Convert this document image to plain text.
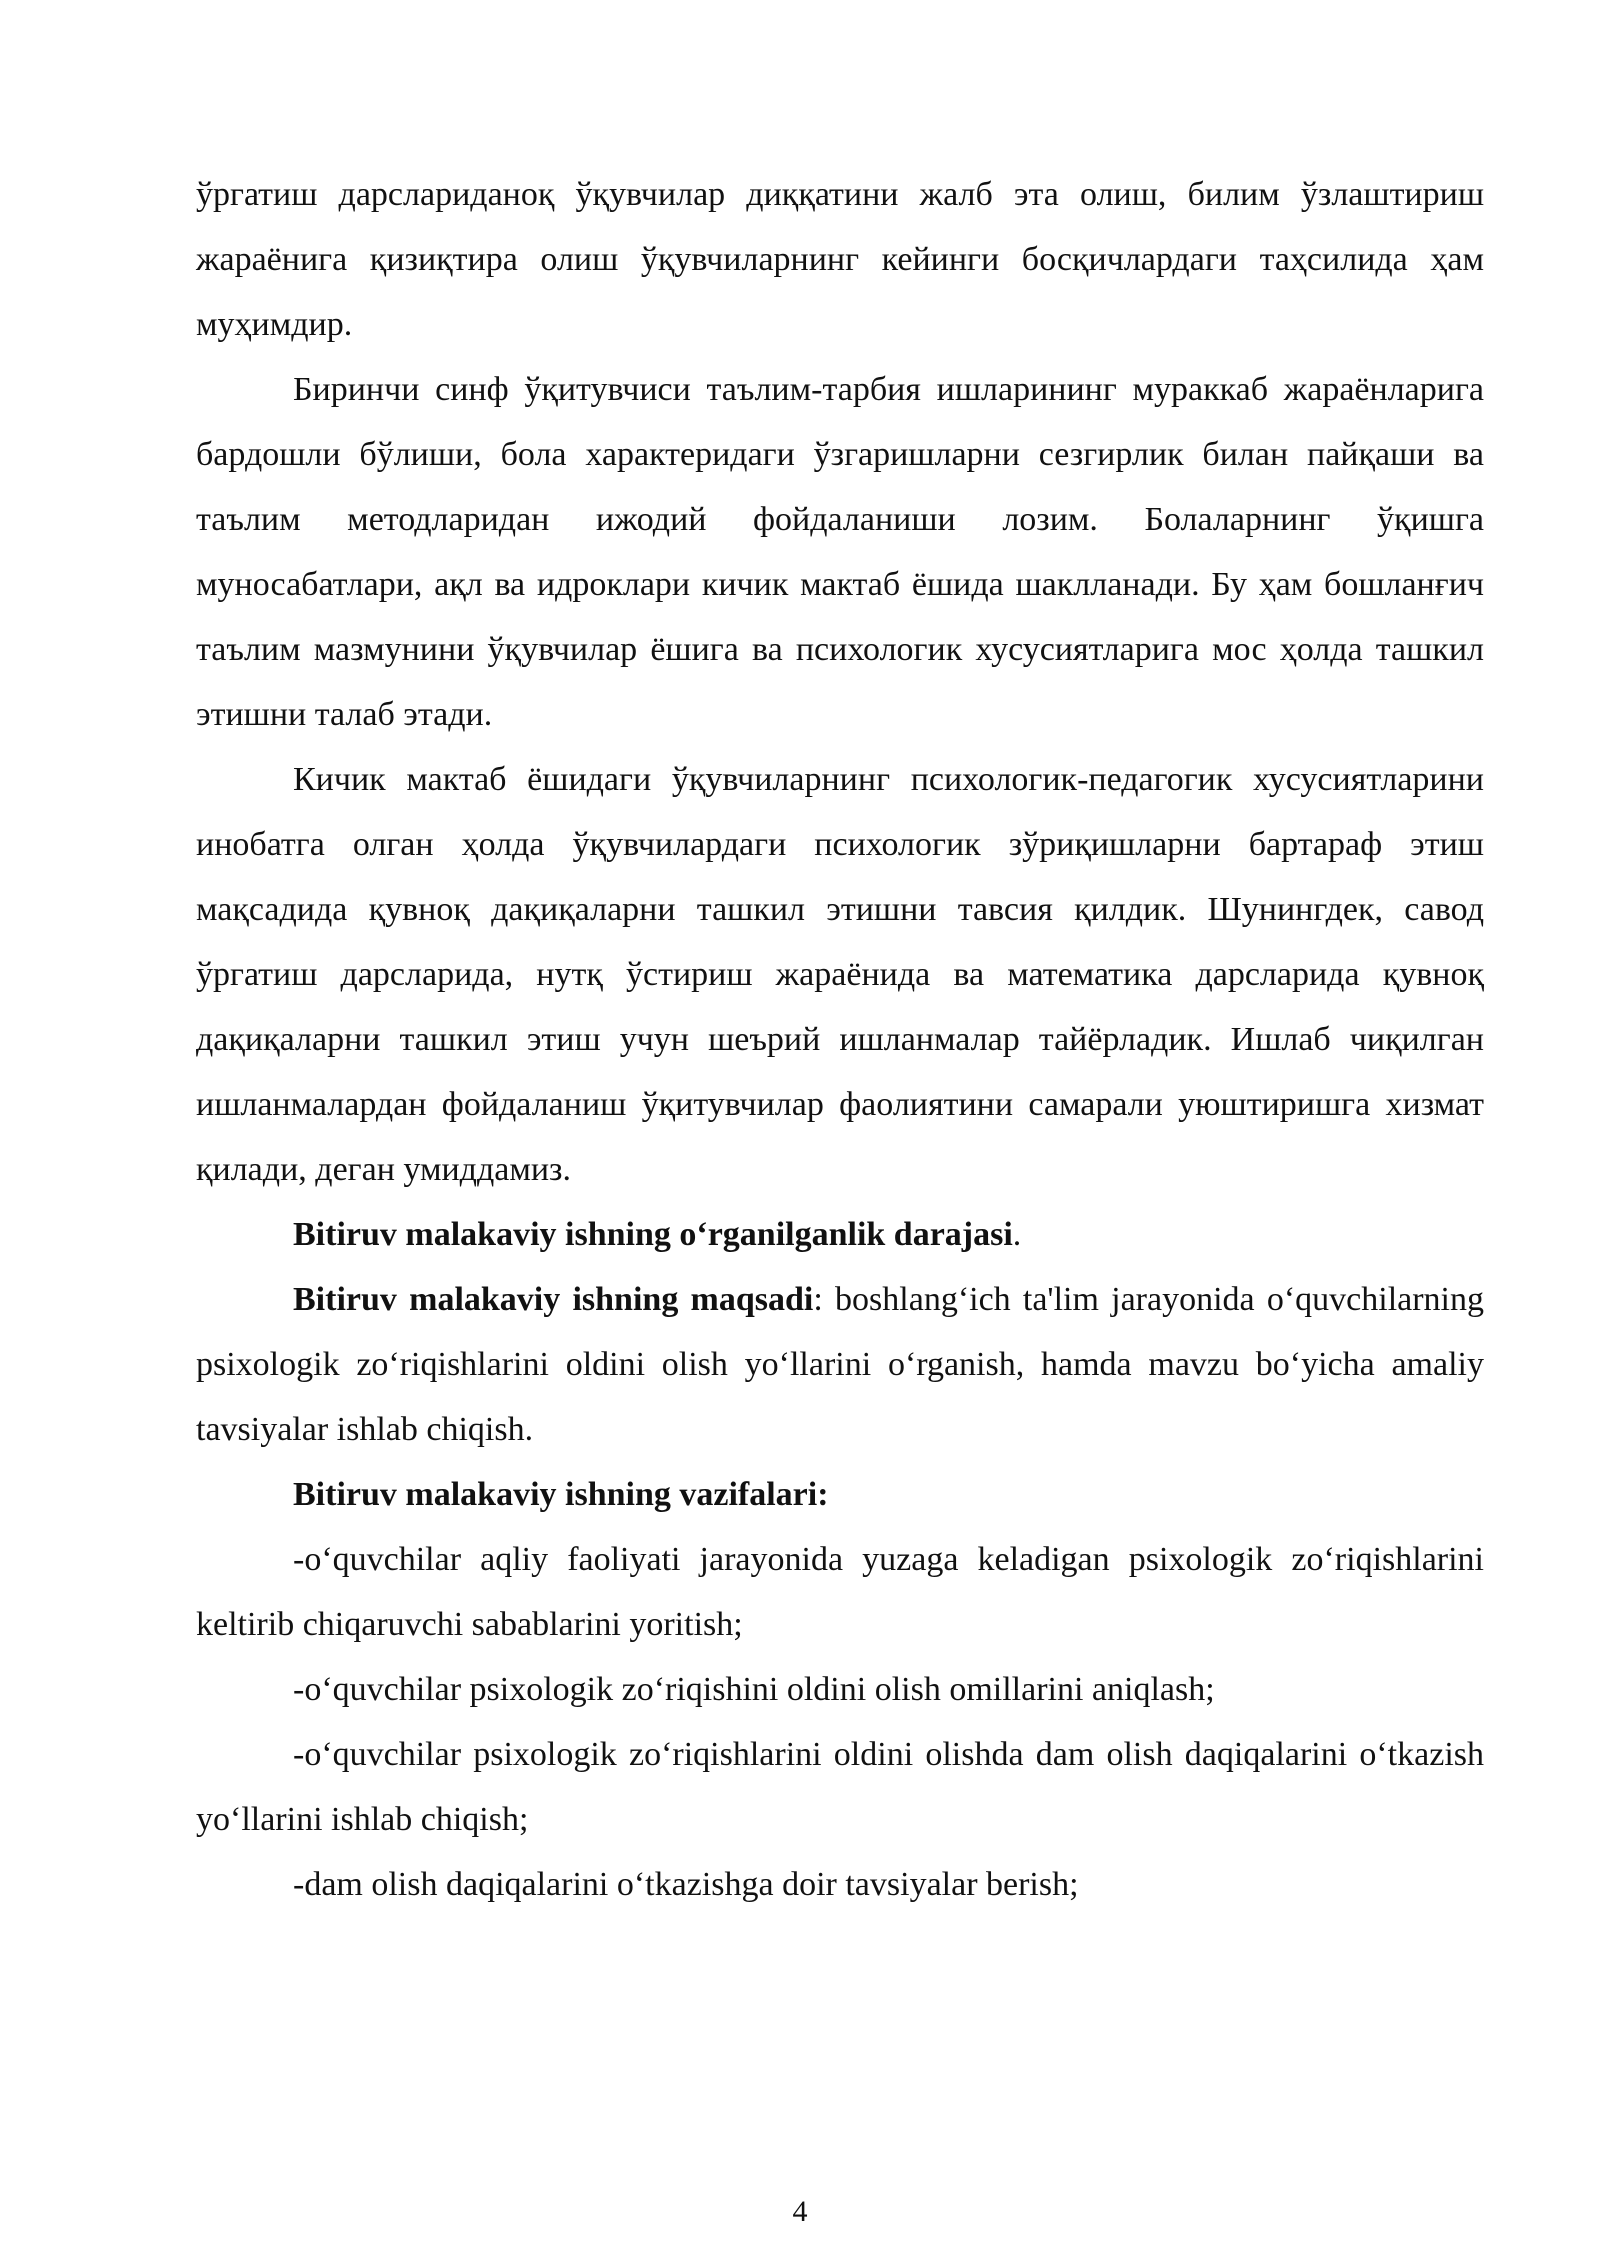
ўргатиш дарслариданоқ ўқувчилар диққатини жалб эта олиш, билим ўзлаштириш жараёнига қизиқтира олиш ўқувчиларнинг кейинги босқичлардаги таҳсилида ҳам муҳимдир.

Биринчи синф ўқитувчиси таълим-тарбия ишларининг мураккаб жараёнларига бардошли бўлиши, бола характеридаги ўзгаришларни сезгирлик билан пайқаши ва таълим методларидан ижодий фойдаланиши лозим. Болаларнинг ўқишга муносабатлари, ақл ва идроклари кичик мактаб ёшида шаклланади. Бу ҳам бошланғич таълим мазмунини ўқувчилар ёшига ва психологик хусусиятларига мос ҳолда ташкил этишни талаб этади.

Кичик мактаб ёшидаги ўқувчиларнинг психологик-педагогик хусусиятларини инобатга олган ҳолда ўқувчилардаги психологик зўриқишларни бартараф этиш мақсадида қувноқ дақиқаларни ташкил этишни тавсия қилдик. Шунингдек, савод ўргатиш дарсларида, нутқ ўстириш жараёнида ва математика дарсларида қувноқ дақиқаларни ташкил этиш учун шеърий ишланмалар тайёрладик. Ишлаб чиқилган ишланмалардан фойдаланиш ўқитувчилар фаолиятини самарали уюштиришга хизмат қилади, деган умиддамиз.

Bitiruv malakaviy ishning oʻrganilganlik darajasi.

Bitiruv malakaviy ishning maqsadi: boshlangʻich ta'lim jarayonida oʻquvchilarning psixologik zoʻriqishlarini oldini olish yoʻllarini oʻrganish, hamda mavzu boʻyicha amaliy tavsiyalar ishlab chiqish.

Bitiruv malakaviy ishning vazifalari:

-oʻquvchilar aqliy faoliyati jarayonida yuzaga keladigan psixologik zoʻriqishlarini keltirib chiqaruvchi sabablarini yoritish;

-oʻquvchilar psixologik zoʻriqishini oldini olish omillarini aniqlash;

-oʻquvchilar psixologik zoʻriqishlarini oldini olishda dam olish daqiqalarini oʻtkazish yoʻllarini ishlab chiqish;

-dam olish daqiqalarini oʻtkazishga doir tavsiyalar berish;

4
